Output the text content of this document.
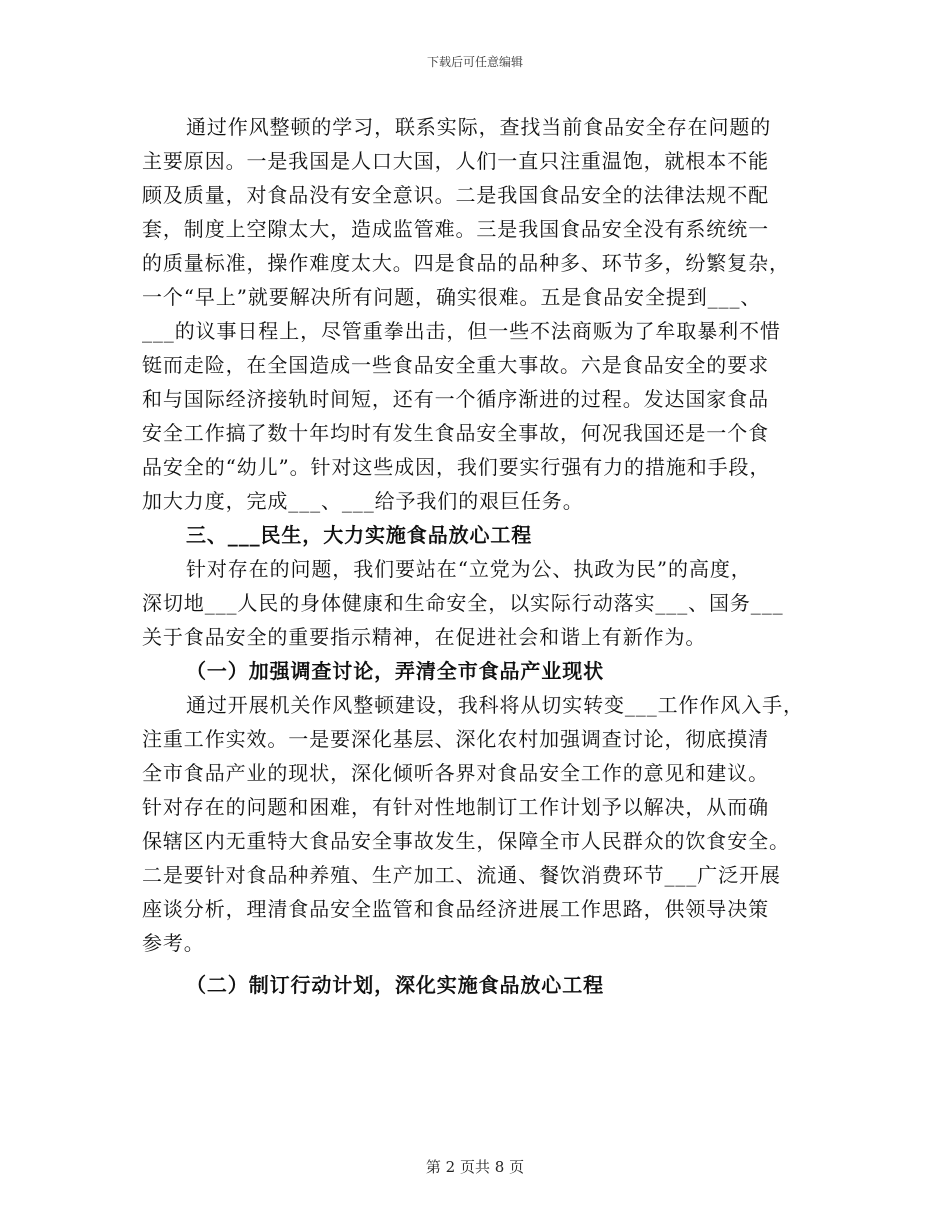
下载后可任意编辑
通过作风整顿的学习，联系实际，查找当前食品安全存在问题的
主要原因。一是我国是人口大国，人们一直只注重温饱，就根本不能
顾及质量，对食品没有安全意识。二是我国食品安全的法律法规不配
套，制度上空隙太大，造成监管难。三是我国食品安全没有系统统一
的质量标准，操作难度太大。四是食品的品种多、环节多，纷繁复杂，
一个“早上”就要解决所有问题，确实很难。五是食品安全提到___、
___的议事日程上，尽管重拳出击，但一些不法商贩为了牟取暴利不惜
铤而走险，在全国造成一些食品安全重大事故。六是食品安全的要求
和与国际经济接轨时间短，还有一个循序渐进的过程。发达国家食品
安全工作搞了数十年均时有发生食品安全事故，何况我国还是一个食
品安全的“幼儿”。针对这些成因，我们要实行强有力的措施和手段，
加大力度，完成___、___给予我们的艰巨任务。
三、___民生，大力实施食品放心工程
针对存在的问题，我们要站在“立党为公、执政为民”的高度，
深切地___人民的身体健康和生命安全，以实际行动落实___、国务___
关于食品安全的重要指示精神，在促进社会和谐上有新作为。
（一）加强调查讨论，弄清全市食品产业现状
通过开展机关作风整顿建设，我科将从切实转变___工作作风入手，
注重工作实效。一是要深化基层、深化农村加强调查讨论，彻底摸清
全市食品产业的现状，深化倾听各界对食品安全工作的意见和建议。
针对存在的问题和困难，有针对性地制订工作计划予以解决，从而确
保辖区内无重特大食品安全事故发生，保障全市人民群众的饮食安全。
二是要针对食品种养殖、生产加工、流通、餐饮消费环节___广泛开展
座谈分析，理清食品安全监管和食品经济进展工作思路，供领导决策
参考。
（二）制订行动计划，深化实施食品放心工程
第 2 页共 8 页
